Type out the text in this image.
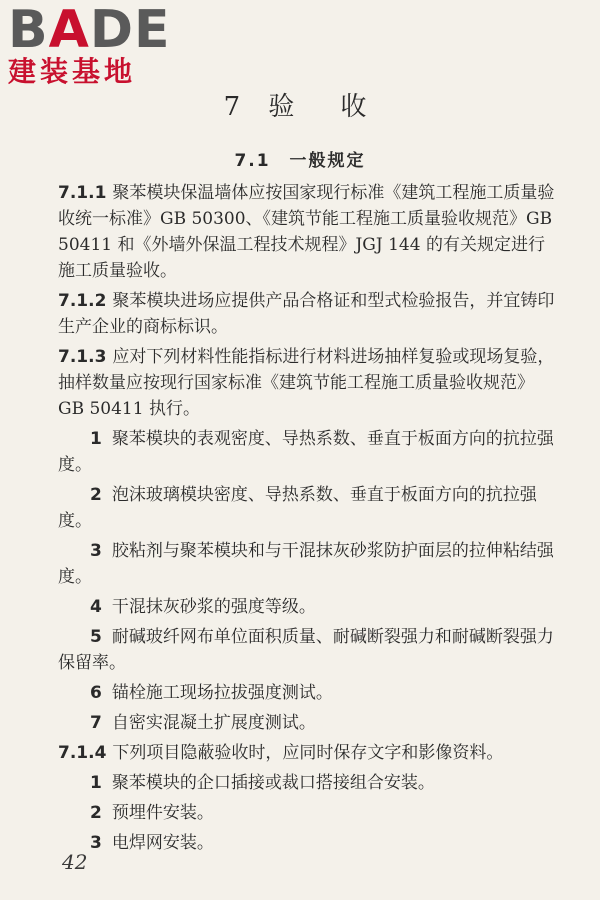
BADE
建装基地
7 验　收
7.1　一般规定

7.1.1 聚苯模块保温墙体应按国家现行标准《建筑工程施工质量验收统一标准》GB 50300、《建筑节能工程施工质量验收规范》GB 50411 和《外墙外保温工程技术规程》JGJ 144 的有关规定进行施工质量验收。

7.1.2 聚苯模块进场应提供产品合格证和型式检验报告，并宜铸印生产企业的商标标识。

7.1.3 应对下列材料性能指标进行材料进场抽样复验或现场复验，抽样数量应按现行国家标准《建筑节能工程施工质量验收规范》GB 50411 执行。

1 聚苯模块的表观密度、导热系数、垂直于板面方向的抗拉强度。

2 泡沫玻璃模块密度、导热系数、垂直于板面方向的抗拉强度。

3 胶粘剂与聚苯模块和与干混抹灰砂浆防护面层的拉伸粘结强度。

4 干混抹灰砂浆的强度等级。

5 耐碱玻纤网布单位面积质量、耐碱断裂强力和耐碱断裂强力保留率。

6 锚栓施工现场拉拔强度测试。

7 自密实混凝土扩展度测试。

7.1.4 下列项目隐蔽验收时，应同时保存文字和影像资料。

1 聚苯模块的企口插接或裁口搭接组合安装。

2 预埋件安装。

3 电焊网安装。

42
